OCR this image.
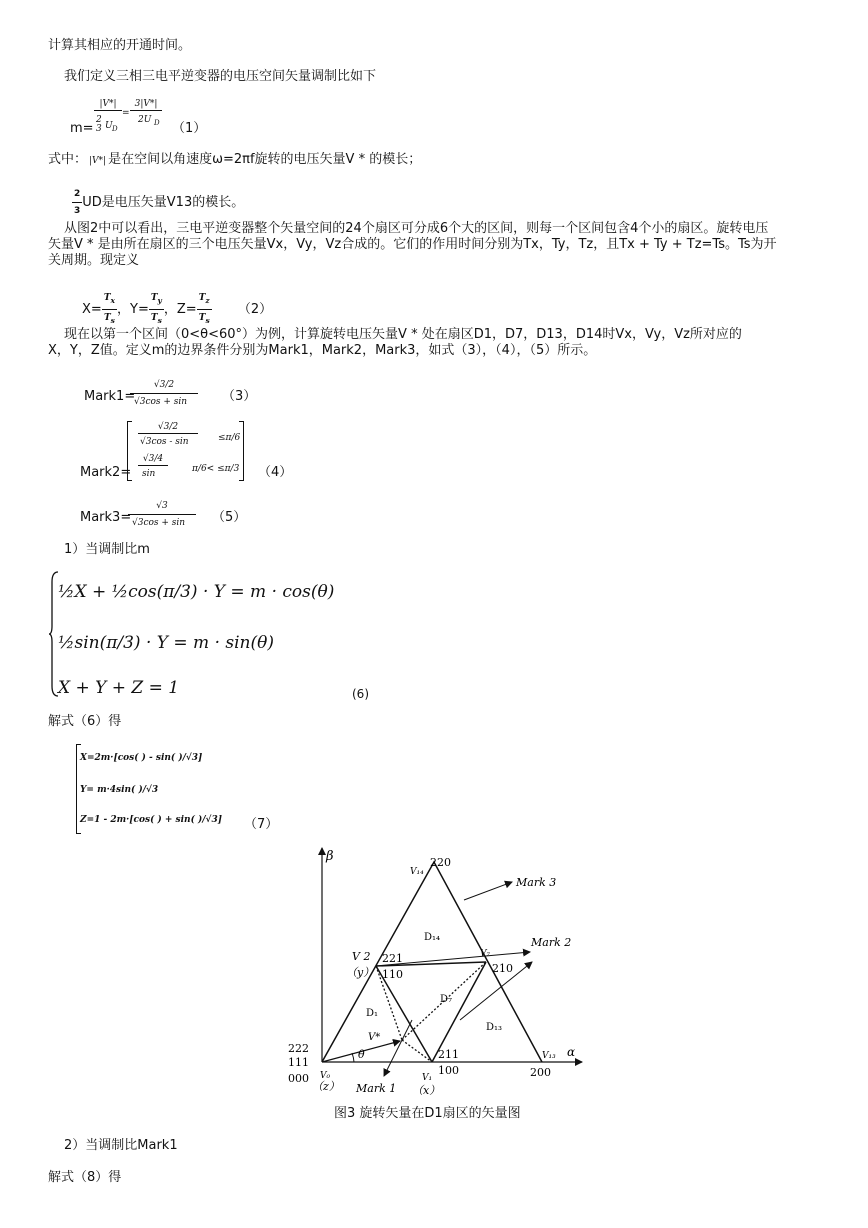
计算其相应的开通时间。
我们定义三相三电平逆变器的电压空间矢量调制比如下
m=
|V*|
2
3 U D
=
3|V*|
2U D （1）
式中： |V*| 是在空间以角速度ω=2πf旋转的电压矢量V * 的模长；
$\frac{2}{3}$ UD是电压矢量V13的模长。
从图2中可以看出，三电平逆变器整个矢量空间的24个扇区可分成6个大的区间，则每一个区间包含4个小的扇区。旋转电压
矢量V * 是由所在扇区的三个电压矢量Vx，Vy，Vz合成的。它们的作用时间分别为Tx，Ty，Tz，且Tx + Ty + Tz=Ts。Ts为开
关周期。现定义
$X= \frac{T_x}{T_s}$ ，$Y= \frac{T_y}{T_s}$ ，$Z= \frac{T_z}{T_s} (2)$
现在以第一个区间（0<θ<60°）为例，计算旋转电压矢量V * 处在扇区D1，D7，D13，D14时Vx，Vy，Vz所对应的
X，Y，Z值。定义m的边界条件分别为Mark1，Mark2，Mark3，如式（3），（4），（5）所示。
Mark1=
√3/2
√3cos + sin	（3）
Mark2=
√3/2
√3cos - sin	≤π/6
√3/4
sin	π/6< ≤π/3 （4）
Mark3=
√3
√3cos + sin （5）
1）当调制比m
½X + ½cos(π/3) · Y = m · cos(θ)
½sin(π/3) · Y = m · sin(θ)
X + Y + Z = 1	(6)
解式（6）得
X=2m·[cos( ) - sin( )/√3]
Y= m·4sin( )/√3
Z=1 - 2m·[cos( ) + sin( )/√3] （7）
β
α
V₁₄
220
Mark 3
Mark 2
D₁₄
V 2
（y）
221
110
V₇
210
D₇
D₁
D₁₃
V*
θ
222
111
000 V₀
（z） Mark 1
V₁
（x）
211
100	200
V₁₃
图3 旋转矢量在D1扇区的矢量图
2）当调制比Mark1
解式（8）得
